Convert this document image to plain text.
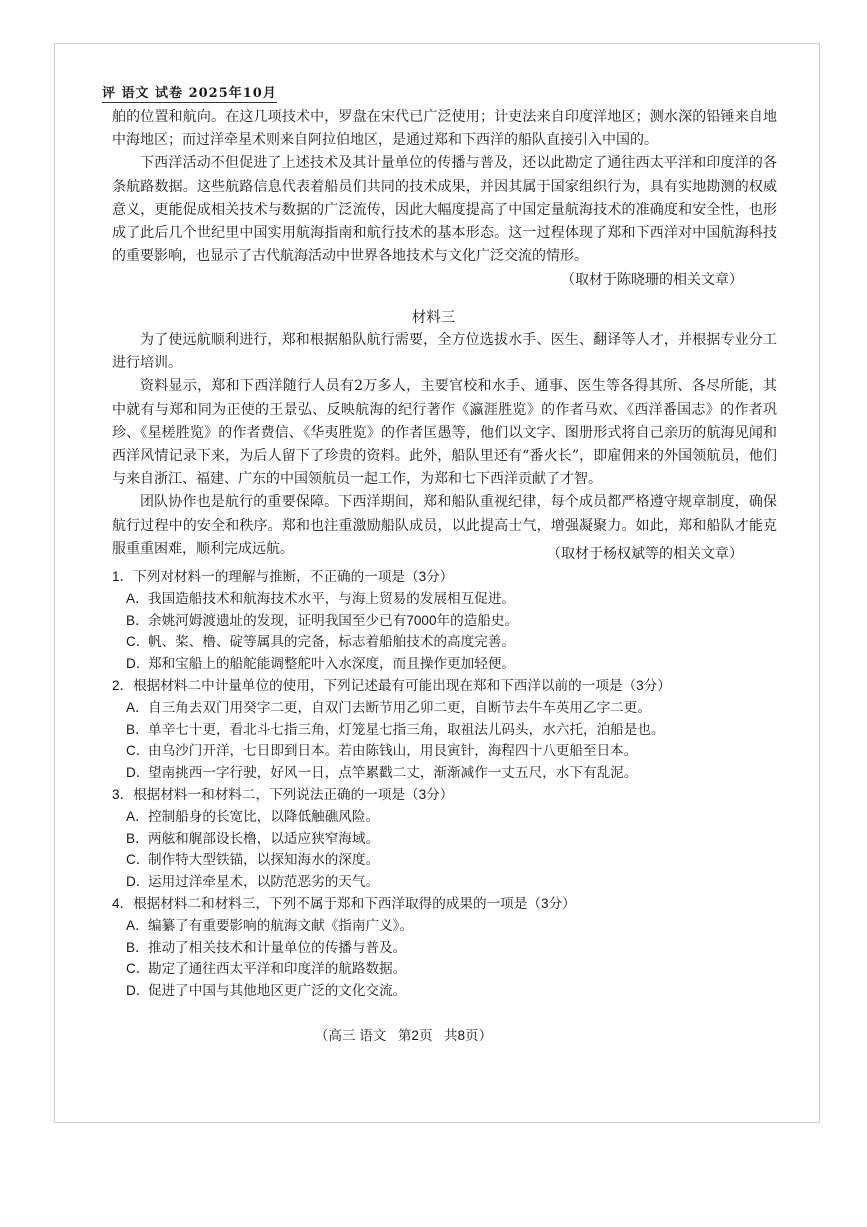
评 语文 试卷 2025年10月

舶的位置和航向。在这几项技术中，罗盘在宋代已广泛使用；计吏法来自印度洋地区；测水深的铅锤来自地中海地区；而过洋牵星术则来自阿拉伯地区，是通过郑和下西洋的船队直接引入中国的。

下西洋活动不但促进了上述技术及其计量单位的传播与普及，还以此勘定了通往西太平洋和印度洋的各条航路数据。这些航路信息代表着船员们共同的技术成果，并因其属于国家组织行为，具有实地勘测的权威意义，更能促成相关技术与数据的广泛流传，因此大幅度提高了中国定量航海技术的准确度和安全性，也形成了此后几个世纪里中国实用航海指南和航行技术的基本形态。这一过程体现了郑和下西洋对中国航海科技的重要影响，也显示了古代航海活动中世界各地技术与文化广泛交流的情形。

（取材于陈晓珊的相关文章）
材料三

为了使远航顺利进行，郑和根据船队航行需要，全方位选拔水手、医生、翻译等人才，并根据专业分工进行培训。

资料显示，郑和下西洋随行人员有2万多人，主要官校和水手、通事、医生等各得其所、各尽所能，其中就有与郑和同为正使的王景弘、反映航海的纪行著作《瀛涯胜览》的作者马欢、《西洋番国志》的作者巩珍、《星槎胜览》的作者费信、《华夷胜览》的作者匡愚等，他们以文字、图册形式将自己亲历的航海见闻和西洋风情记录下来，为后人留下了珍贵的资料。此外，船队里还有“番火长”，即雇佣来的外国领航员，他们与来自浙江、福建、广东的中国领航员一起工作，为郑和七下西洋贡献了才智。

团队协作也是航行的重要保障。下西洋期间，郑和船队重视纪律，每个成员都严格遵守规章制度，确保航行过程中的安全和秩序。郑和也注重激励船队成员，以此提高士气，增强凝聚力。如此，郑和船队才能克服重重困难，顺利完成远航。	（取材于杨权斌等的相关文章）

1．下列对材料一的理解与推断，不正确的一项是（3分）

A．我国造船技术和航海技术水平，与海上贸易的发展相互促进。

B．余姚河姆渡遗址的发现，证明我国至少已有7000年的造船史。

C．帆、桨、橹、碇等属具的完备，标志着船舶技术的高度完善。

D．郑和宝船上的船舵能调整舵叶入水深度，而且操作更加轻便。

2．根据材料二中计量单位的使用，下列记述最有可能出现在郑和下西洋以前的一项是（3分）

A．自三角去双门用癸字二更，自双门去断节用乙卯二更，自断节去牛车英用乙字二更。

B．单辛七十更，看北斗七指三角，灯笼星七指三角，取祖法儿码头，水六托，泊船是也。

C．由乌沙门开洋，七日即到日本。若由陈钱山，用艮寅针，海程四十八更船至日本。

D．望南挑西一字行驶，好风一日，点竿累戳二丈，渐渐减作一丈五尺，水下有乱泥。

3．根据材料一和材料二，下列说法正确的一项是（3分）

A．控制船身的长宽比，以降低触礁风险。

B．两舷和艉部设长橹，以适应狭窄海域。

C．制作特大型铁锚，以探知海水的深度。

D．运用过洋牵星术，以防范恶劣的天气。

4．根据材料二和材料三，下列不属于郑和下西洋取得的成果的一项是（3分）

A．编纂了有重要影响的航海文献《指南广义》。

B．推动了相关技术和计量单位的传播与普及。

C．勘定了通往西太平洋和印度洋的航路数据。

D．促进了中国与其他地区更广泛的文化交流。

（高三 语文   第2页   共8页）
